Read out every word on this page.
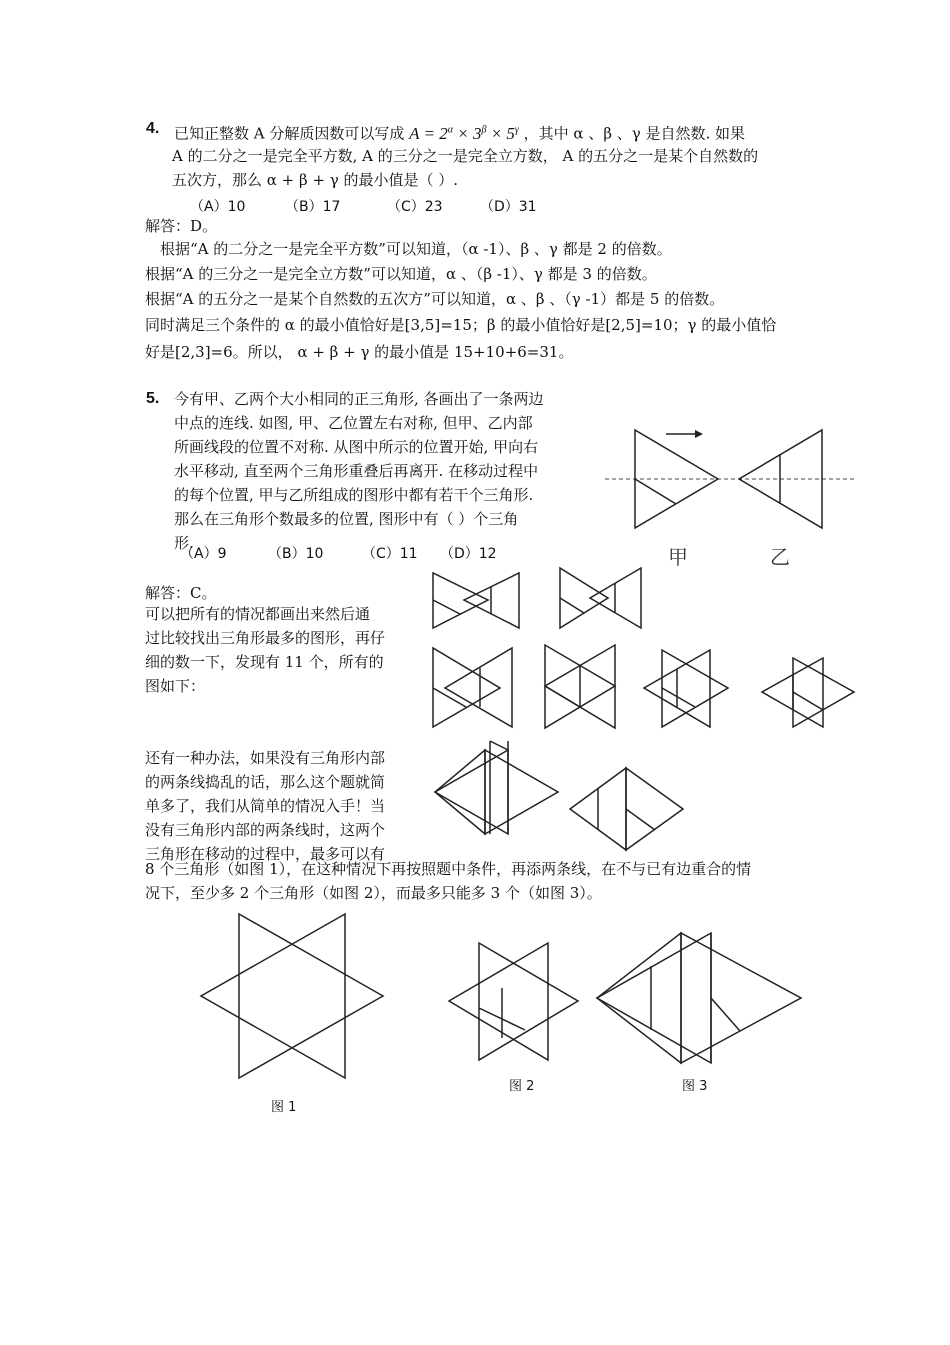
4. 已知正整数 A 分解质因数可以写成 $A = 2^\alpha \times 3^\beta \times 5^\gamma$ ，其中 α 、β 、γ 是自然数. 如果
A 的二分之一是完全平方数, A 的三分之一是完全立方数， A 的五分之一是某个自然数的
五次方，那么 α + β + γ 的最小值是（ ）.
（A）10	（B）17	（C）23	（D）31
解答：D。
根据“A 的二分之一是完全平方数”可以知道，（α -1）、β 、γ 都是 2 的倍数。
根据“A 的三分之一是完全立方数”可以知道，α 、（β -1）、γ 都是 3 的倍数。
根据“A 的五分之一是某个自然数的五次方”可以知道，α 、β 、（γ -1）都是 5 的倍数。
同时满足三个条件的 α 的最小值恰好是[3,5]=15；β 的最小值恰好是[2,5]=10；γ 的最小值恰
好是[2,3]=6。所以， α + β + γ 的最小值是 15+10+6=31。
5. 今有甲、乙两个大小相同的正三角形, 各画出了一条两边
中点的连线. 如图, 甲、乙位置左右对称, 但甲、乙内部
所画线段的位置不对称. 从图中所示的位置开始, 甲向右
水平移动, 直至两个三角形重叠后再离开. 在移动过程中
的每个位置, 甲与乙所组成的图形中都有若干个三角形.
那么在三角形个数最多的位置, 图形中有（ ）个三角
形.
（A）9	（B）10	（C）11 （D）12	甲	乙
解答：C。
可以把所有的情况都画出来然后通
过比较找出三角形最多的图形，再仔
细的数一下，发现有 11 个，所有的
图如下：
还有一种办法，如果没有三角形内部
的两条线捣乱的话，那么这个题就简
单多了，我们从简单的情况入手！当
没有三角形内部的两条线时，这两个
三角形在移动的过程中，最多可以有
8 个三角形（如图 1），在这种情况下再按照题中条件，再添两条线，在不与已有边重合的情
况下，至少多 2 个三角形（如图 2），而最多只能多 3 个（如图 3）。
图 1
图 2	图 3
